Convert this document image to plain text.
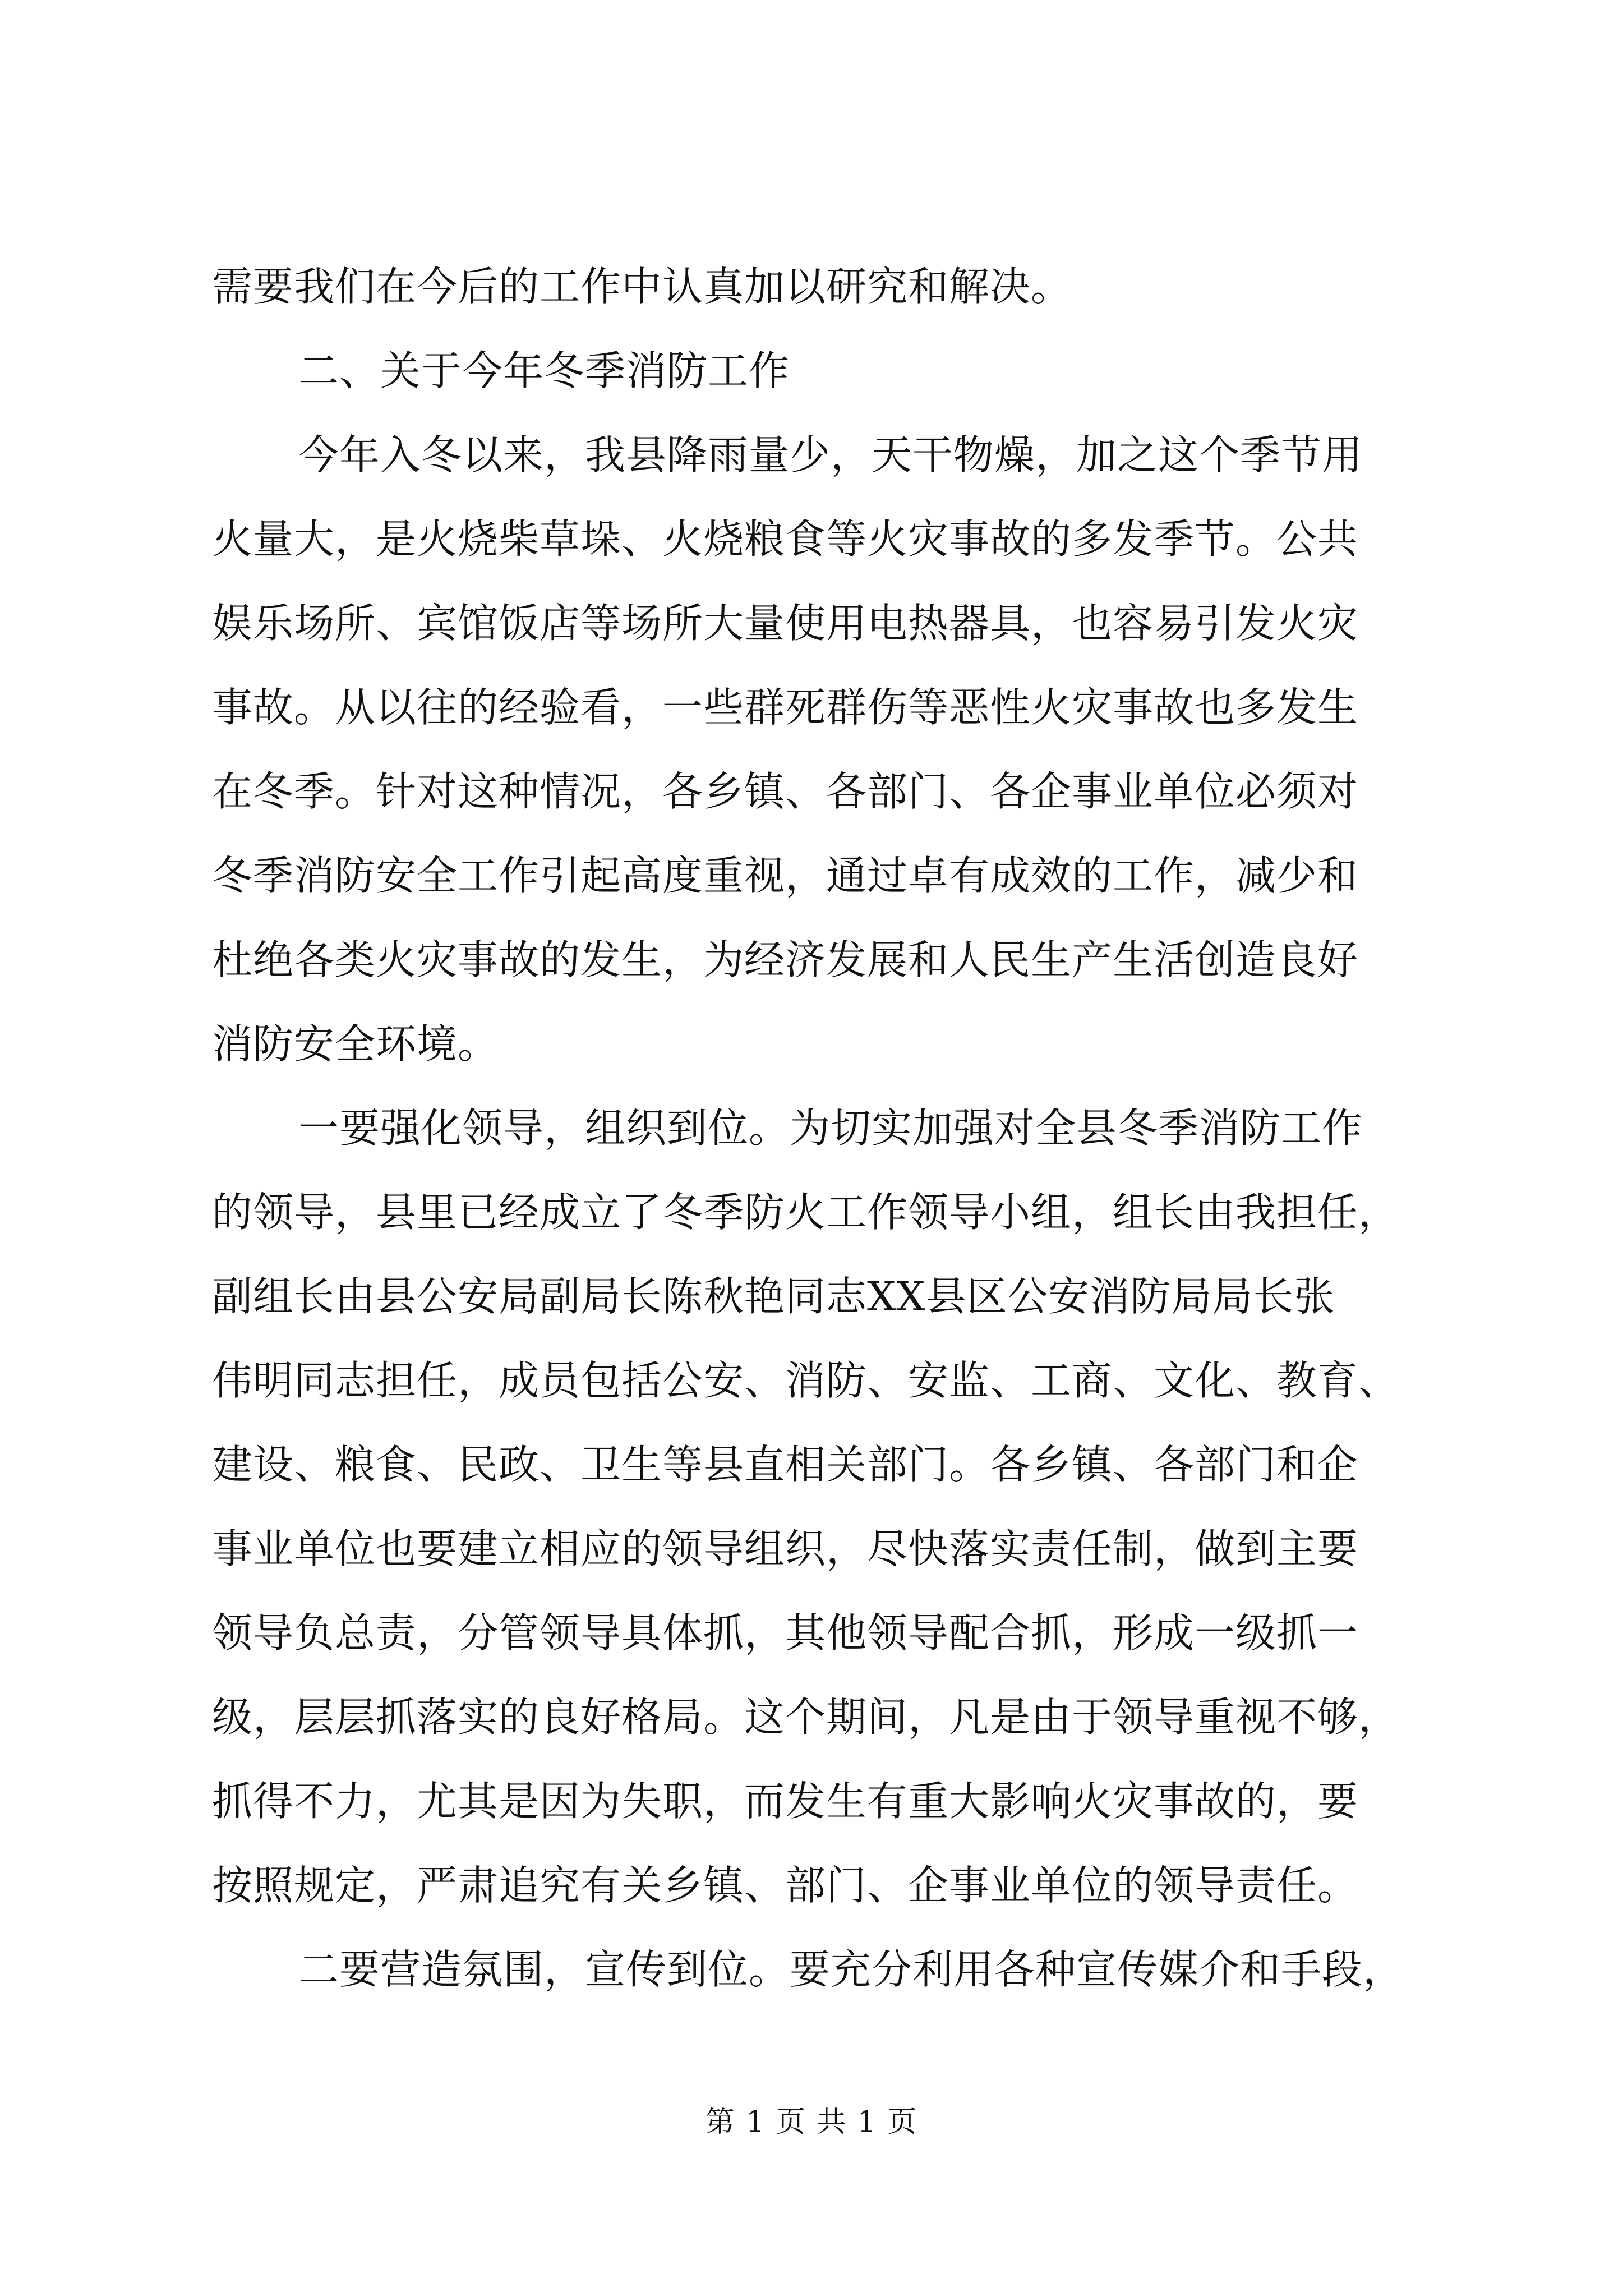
需要我们在今后的工作中认真加以研究和解决。
二、关于今年冬季消防工作
今年入冬以来，我县降雨量少，天干物燥，加之这个季节用
火量大，是火烧柴草垛、火烧粮食等火灾事故的多发季节。公共
娱乐场所、宾馆饭店等场所大量使用电热器具，也容易引发火灾
事故。从以往的经验看，一些群死群伤等恶性火灾事故也多发生
在冬季。针对这种情况，各乡镇、各部门、各企事业单位必须对
冬季消防安全工作引起高度重视，通过卓有成效的工作，减少和
杜绝各类火灾事故的发生，为经济发展和人民生产生活创造良好
消防安全环境。
一要强化领导，组织到位。为切实加强对全县冬季消防工作
的领导，县里已经成立了冬季防火工作领导小组，组长由我担任，
副组长由县公安局副局长陈秋艳同志XX县区公安消防局局长张
伟明同志担任，成员包括公安、消防、安监、工商、文化、教育、
建设、粮食、民政、卫生等县直相关部门。各乡镇、各部门和企
事业单位也要建立相应的领导组织，尽快落实责任制，做到主要
领导负总责，分管领导具体抓，其他领导配合抓，形成一级抓一
级，层层抓落实的良好格局。这个期间，凡是由于领导重视不够，
抓得不力，尤其是因为失职，而发生有重大影响火灾事故的，要
按照规定，严肃追究有关乡镇、部门、企事业单位的领导责任。
二要营造氛围，宣传到位。要充分利用各种宣传媒介和手段，
第 1 页 共 1 页
